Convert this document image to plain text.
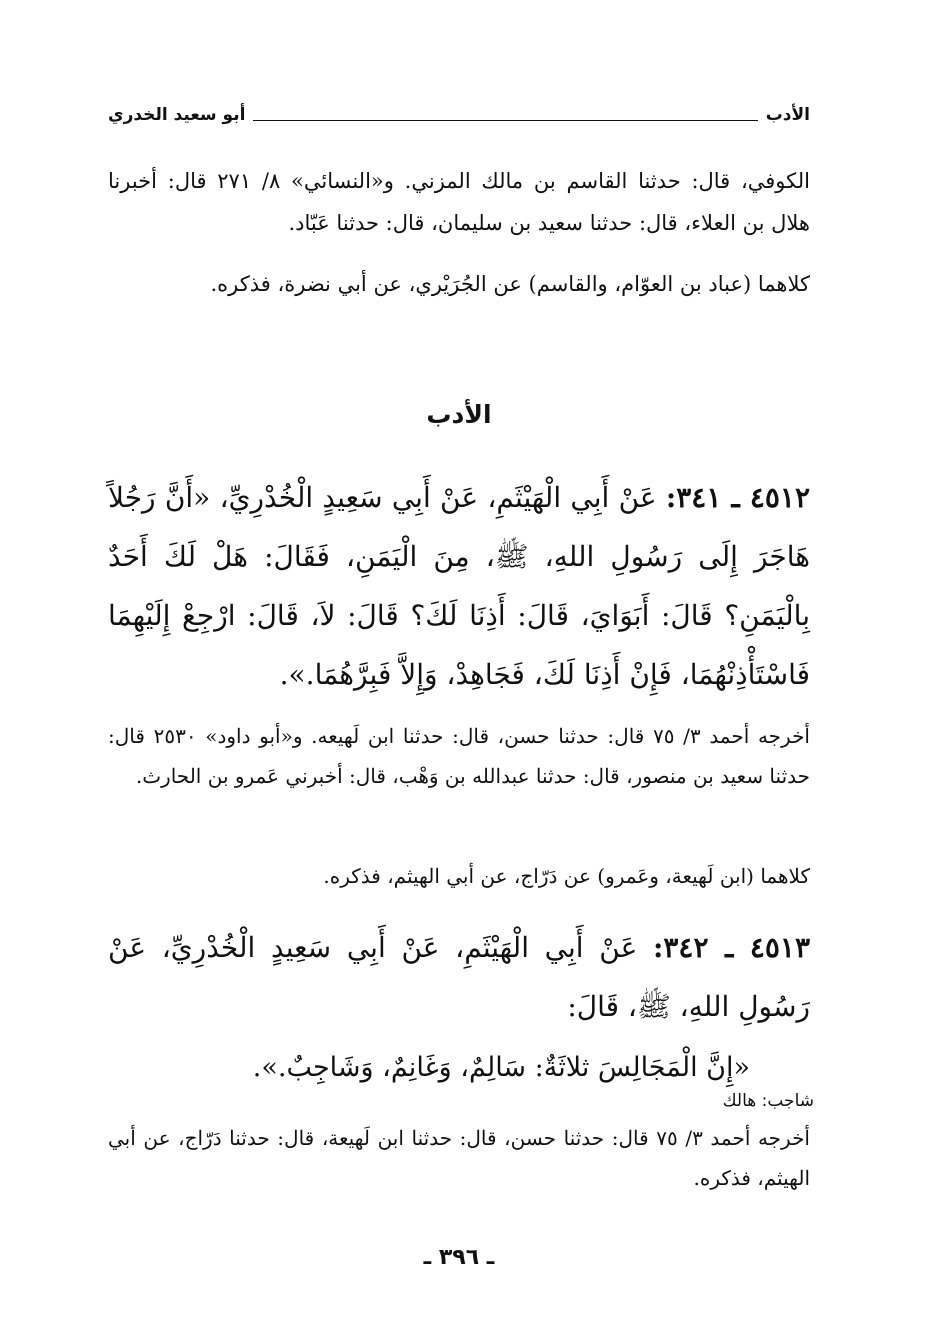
الأدب
أبو سعيد الخدري
الكوفي، قال: حدثنا القاسم بن مالك المزني. و«النسائي» ٨/ ٢٧١ قال: أخبرنا هلال بن العلاء، قال: حدثنا سعيد بن سليمان، قال: حدثنا عَبّاد.
كلاهما (عباد بن العوّام، والقاسم) عن الجُرَيْري، عن أبي نضرة، فذكره.
الأدب
٤٥١٢ ـ ٣٤١: عَنْ أَبِي الْهَيْثَمِ، عَنْ أَبِي سَعِيدٍ الْخُدْرِيِّ، «أَنَّ رَجُلاً هَاجَرَ إِلَى رَسُولِ اللهِ، ﷺ، مِنَ الْيَمَنِ، فَقَالَ: هَلْ لَكَ أَحَدٌ بِالْيَمَنِ؟ قَالَ: أَبَوَايَ، قَالَ: أَذِنَا لَكَ؟ قَالَ: لاَ، قَالَ: ارْجِعْ إِلَيْهِمَا فَاسْتَأْذِنْهُمَا، فَإِنْ أَذِنَا لَكَ، فَجَاهِدْ، وَإِلاَّ فَبِرَّهُمَا.».
أخرجه أحمد ٣/ ٧٥ قال: حدثنا حسن، قال: حدثنا ابن لَهيعه. و«أبو داود» ٢٥٣٠ قال: حدثنا سعيد بن منصور، قال: حدثنا عبدالله بن وَهْب، قال: أخبرني عَمرو بن الحارث.
كلاهما (ابن لَهيعة، وعَمرو) عن دَرّاج، عن أبي الهيثم، فذكره.
٤٥١٣ ـ ٣٤٢: عَنْ أَبِي الْهَيْثَمِ، عَنْ أَبِي سَعِيدٍ الْخُدْرِيِّ، عَنْ رَسُولِ اللهِ، ﷺ، قَالَ:
«إِنَّ الْمَجَالِسَ ثلاثَةٌ: سَالِمٌ، وَغَانِمٌ، وَشَاجِبٌ.».
شاجب: هالك
أخرجه أحمد ٣/ ٧٥ قال: حدثنا حسن، قال: حدثنا ابن لَهيعة، قال: حدثنا دَرّاج، عن أبي الهيثم، فذكره.
ـ ٣٩٦ ـ
